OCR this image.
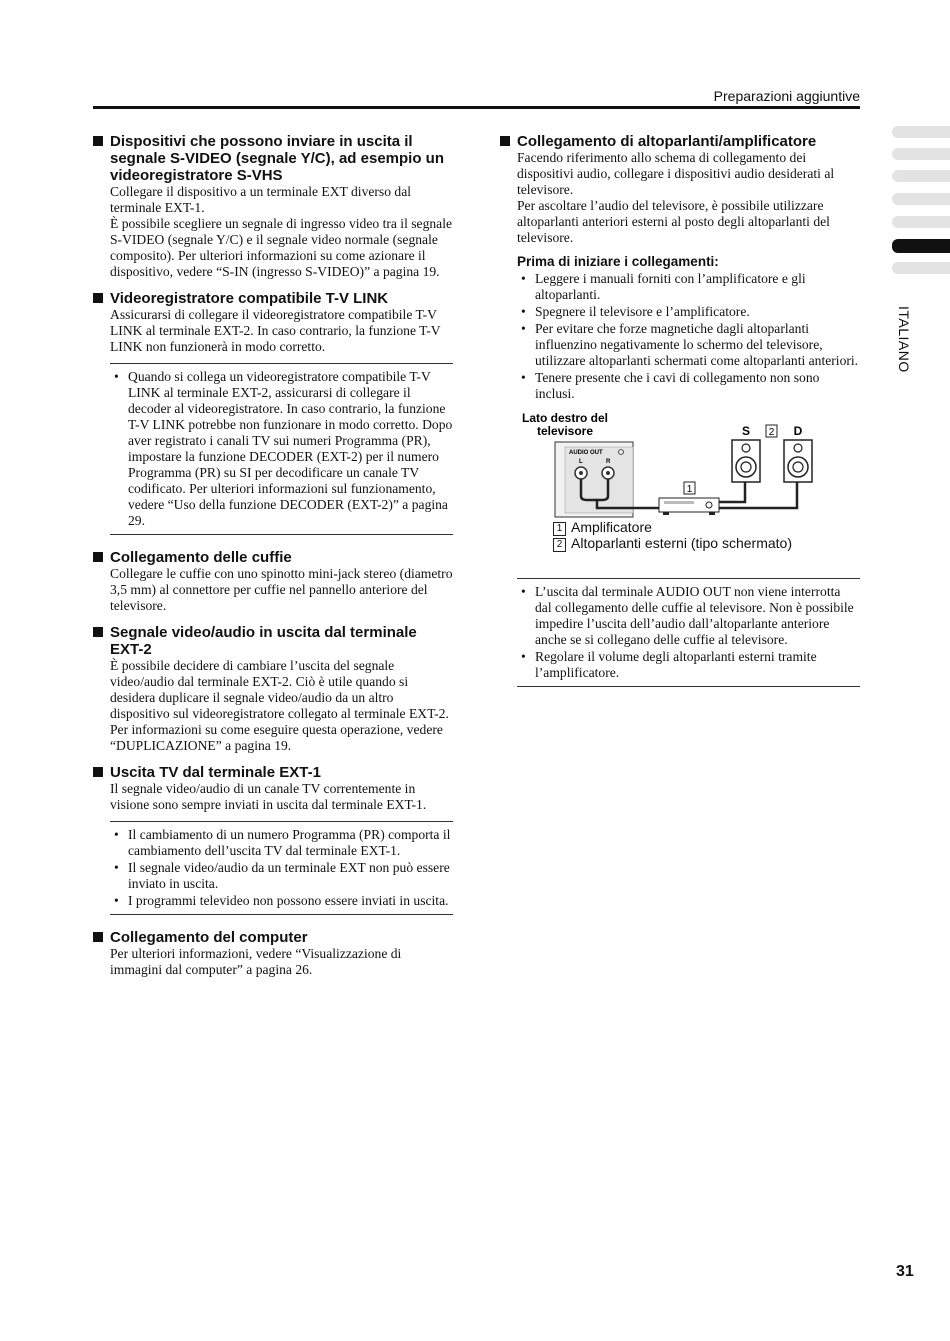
Preparazioni aggiuntive
Dispositivi che possono inviare in uscita il segnale S-VIDEO (segnale Y/C), ad esempio un videoregistratore S-VHS

Collegare il dispositivo a un terminale EXT diverso dal terminale EXT-1.

È possibile scegliere un segnale di ingresso video tra il segnale S-VIDEO (segnale Y/C) e il segnale video normale (segnale composito). Per ulteriori informazioni su come azionare il dispositivo, vedere “S-IN (ingresso S-VIDEO)” a pagina 19.

Videoregistratore compatibile T-V LINK

Assicurarsi di collegare il videoregistratore compatibile T-V LINK al terminale EXT-2. In caso contrario, la funzione T-V LINK non funzionerà in modo corretto.

• Quando si collega un videoregistratore compatibile T-V LINK al terminale EXT-2, assicurarsi di collegare il decoder al videoregistratore. In caso contrario, la funzione T-V LINK potrebbe non funzionare in modo corretto. Dopo aver registrato i canali TV sui numeri Programma (PR), impostare la funzione DECODER (EXT-2) per il numero Programma (PR) su SI per decodificare un canale TV codificato. Per ulteriori informazioni sul funzionamento, vedere “Uso della funzione DECODER (EXT-2)” a pagina 29.
Collegamento delle cuffie

Collegare le cuffie con uno spinotto mini-jack stereo (diametro 3,5 mm) al connettore per cuffie nel pannello anteriore del televisore.

Segnale video/audio in uscita dal terminale EXT-2

È possibile decidere di cambiare l’uscita del segnale video/audio dal terminale EXT-2. Ciò è utile quando si desidera duplicare il segnale video/audio da un altro dispositivo sul videoregistratore collegato al terminale EXT-2. Per informazioni su come eseguire questa operazione, vedere “DUPLICAZIONE” a pagina 19.

Uscita TV dal terminale EXT-1

Il segnale video/audio di un canale TV correntemente in visione sono sempre inviati in uscita dal terminale EXT-1.

• Il cambiamento di un numero Programma (PR) comporta il cambiamento dell’uscita TV dal terminale EXT-1.
• Il segnale video/audio da un terminale EXT non può essere inviato in uscita.
• I programmi televideo non possono essere inviati in uscita.
Collegamento del computer

Per ulteriori informazioni, vedere “Visualizzazione di immagini dal computer” a pagina 26.

Collegamento di altoparlanti/amplificatore

Facendo riferimento allo schema di collegamento dei dispositivi audio, collegare i dispositivi audio desiderati al televisore.

Per ascoltare l’audio del televisore, è possibile utilizzare altoparlanti anteriori esterni al posto degli altoparlanti del televisore.

Prima di iniziare i collegamenti:
• Leggere i manuali forniti con l’amplificatore e gli altoparlanti.
• Spegnere il televisore e l’amplificatore.
• Per evitare che forze magnetiche dagli altoparlanti influenzino negativamente lo schermo del televisore, utilizzare altoparlanti schermati come altoparlanti anteriori.
• Tenere presente che i cavi di collegamento non sono inclusi.
Lato destro del
televisore
AUDIO OUT
L	R
1
S 2 D
1 Amplificatore
2 Altoparlanti esterni (tipo schermato)
• L’uscita dal terminale AUDIO OUT non viene interrotta dal collegamento delle cuffie al televisore. Non è possibile impedire l’uscita dell’audio dall’altoparlante anteriore anche se si collegano delle cuffie al televisore.
• Regolare il volume degli altoparlanti esterni tramite l’amplificatore.
ITALIANO
31
